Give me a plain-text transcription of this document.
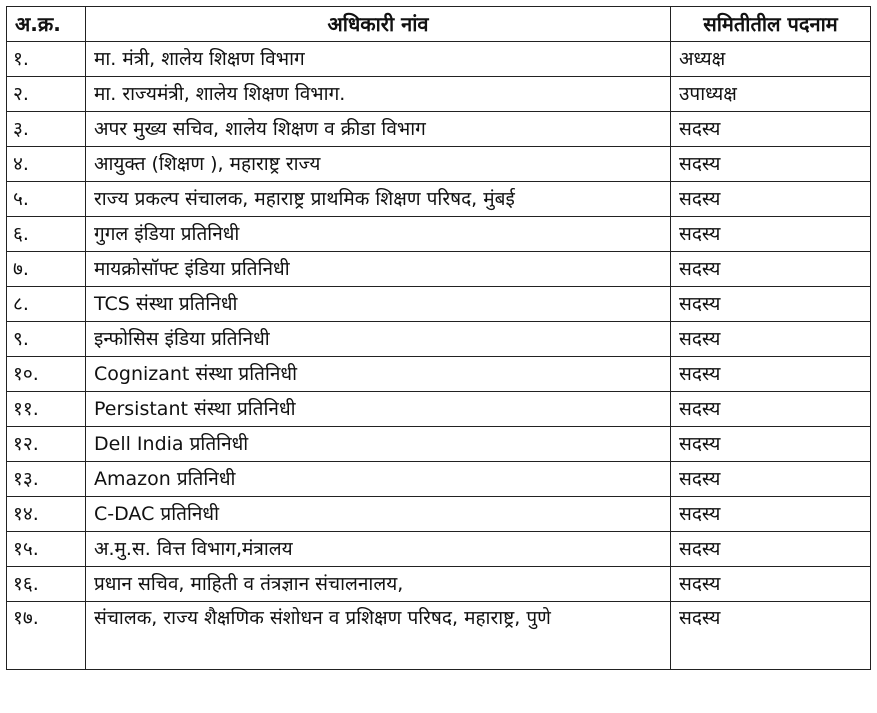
अ.क्र.	अधिकारी नांव	समितीतील पदनाम
१.	मा. मंत्री, शालेय शिक्षण विभाग	अध्यक्ष
२.	मा. राज्यमंत्री, शालेय शिक्षण विभाग.	उपाध्यक्ष
३.	अपर मुख्य सचिव, शालेय शिक्षण व क्रीडा विभाग	सदस्य
४.	आयुक्त (शिक्षण ), महाराष्ट्र राज्य	सदस्य
५.	राज्य प्रकल्प संचालक, महाराष्ट्र प्राथमिक शिक्षण परिषद, मुंबई	सदस्य
६.	गुगल इंडिया प्रतिनिधी	सदस्य
७.	मायक्रोसॉफ्ट इंडिया प्रतिनिधी	सदस्य
८.	TCS संस्था प्रतिनिधी	सदस्य
९.	इन्फोसिस इंडिया प्रतिनिधी	सदस्य
१०.	Cognizant संस्था प्रतिनिधी	सदस्य
११.	Persistant संस्था प्रतिनिधी	सदस्य
१२.	Dell India प्रतिनिधी	सदस्य
१३.	Amazon प्रतिनिधी	सदस्य
१४.	C-DAC प्रतिनिधी	सदस्य
१५.	अ.मु.स. वित्त विभाग,मंत्रालय	सदस्य
१६.	प्रधान सचिव, माहिती व तंत्रज्ञान संचालनालय,	सदस्य
१७.	संचालक, राज्य शैक्षणिक संशोधन व प्रशिक्षण परिषद, महाराष्ट्र, पुणे	सदस्य
